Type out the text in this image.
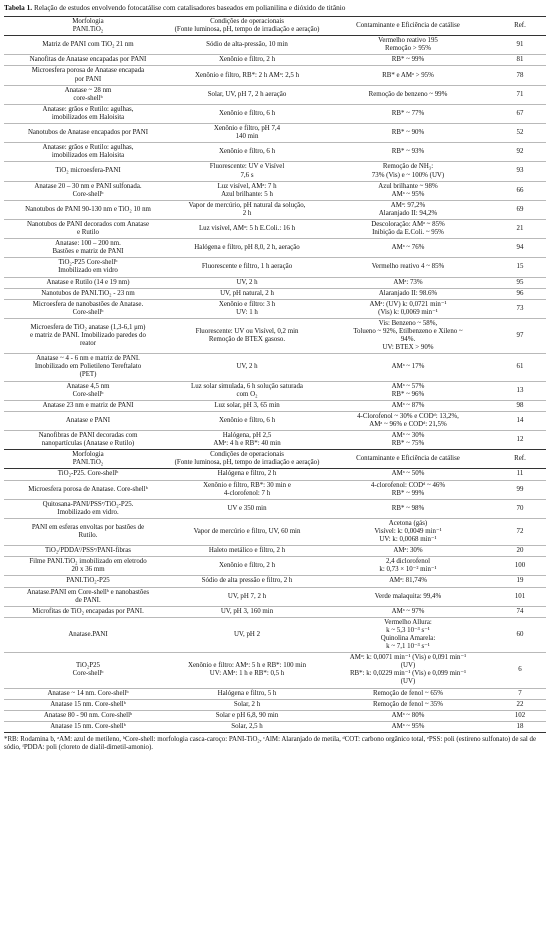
Tabela 1. Relação de estudos envolvendo fotocatálise com catalisadores baseados em polianilina e dióxido de titânio
Morfologia
PANI.TiO₂	Condições de operacionais
(Fonte luminosa, pH, tempo de irradiação e aeração)	Contaminante e Eficiência de catálise	Ref.
Matriz de PANI com TiO₂ 21 nm	Sódio de alta-pressão, 10 min	Vermelho reativo 195
Remoção > 95%	91
Nanofitas de Anatase encapadas por PANI	Xenônio e filtro, 2 h	RB* ~ 99%	81
Microesfera porosa de Anatase encapada
por PANI	Xenônio e filtro, RB*: 2 h AMᵃ: 2,5 h	RB* e AMᵃ > 95%	78
Anatase ~ 28 nm
core-shellᵇ	Solar, UV, pH 7, 2 h aeração	Remoção de benzeno ~ 99%	71
Anatase: grãos e Rutilo: agulhas,
imobilizados em Haloisita	Xenônio e filtro, 6 h	RB* ~ 77%	67
Nanotubos de Anatase encapados por PANI	Xenônio e filtro, pH 7,4
140 min	RB* ~ 90%	52
Anatase: grãos e Rutilo: agulhas,
imobilizados em Haloisita	Xenônio e filtro, 6 h	RB* ~ 93%	92
TiO₂ microesfera-PANI	Fluorescente: UV e Visível
7,6 s	Remoção de NH₃:
73% (Vis) e ~ 100% (UV)	93
Anatase 20 – 30 nm e PANI sulfonada.
Core-shellᵇ	Luz visível, AMᵃ: 7 h
Azul brilhante: 5 h	Azul brilhante ~ 98%
AMᵃ ~ 95%	66
Nanotubos de PANI 90-130 nm e TiO₂ 10 nm	Vapor de mercúrio, pH natural da solução,
2 h	AMᵃ: 97,2%
Alaranjado II: 94,2%	69
Nanotubos de PANI decorados com Anatase
e Rutilo	Luz visível, AMᵃ: 5 h E.Coli.: 16 h	Descoloração: AMᵃ ~ 85%
Inibição da E.Coli. ~ 95%	21
Anatase: 100 – 200 nm.
Bastões e matriz de PANI	Halógena e filtro, pH 8,0, 2 h, aeração	AMᵃ ~ 76%	94
TiO₂-P25 Core-shellᵇ
Imobilizado em vidro	Fluorescente e filtro, 1 h aeração	Vermelho reativo 4 ~ 85%	15
Anatase e Rutilo (14 e 19 nm)	UV, 2 h	AMᵃ: 73%	95
Nanotubos de PANI.TiO₂ - 23 nm	UV, pH natural, 2 h	Alaranjado II: 98.6%	96
Microesfera de nanobastões de Anatase.
Core-shellᵇ	Xenônio e filtro: 3 h
UV: 1 h	AMᵃ: (UV) k: 0,0721 min⁻¹
(Vis) k: 0,0069 min⁻¹	73
Microesfera de TiO₂ anatase (1,3-6,1 μm)
e matriz de PANI. Imobilizado paredes do
reator	Fluorescente: UV ou Visível, 0,2 min
Remoção de BTEX gasoso.	Vis: Benzeno ~ 58%,
Tolueno ~ 92%, Etilbenzeno e Xileno ~
94%.
UV: BTEX > 90%	97
Anatase ~ 4 - 6 nm e matriz de PANI.
Imobilizado em Polietileno Tereftalato
(PET)	UV, 2 h	AMᵃ ~ 17%	61
Anatase 4,5 nm
Core-shellᵇ	Luz solar simulada, 6 h solução saturada
com O₂	AMᵃ ~ 57%
RB* ~ 96%	13
Anatase 23 nm e matriz de PANI	Luz solar, pH 3, 65 min	AMᵃ ~ 87%	98
Anatase e PANI	Xenônio e filtro, 6 h	4-Clorofenol ~ 30% e CODᵈ: 13,2%,
AMᵃ ~ 96% e CODᵈ: 21,5%	14
Nanofibras de PANI decoradas com
nanopartículas (Anatase e Rutilo)	Halógena, pH 2,5
AMᵃ: 4 h e RB*: 40 min	AMᵃ ~ 30%
RB* ~ 75%	12
Morfologia
PANI.TiO₂	Condições de operacionais
(Fonte luminosa, pH, tempo de irradiação e aeração)	Contaminante e Eficiência de catálise	Ref.
TiO₂-P25. Core-shellᵇ	Halógena e filtro, 2 h	AMᵃ ~ 50%	11
Microesfera porosa de Anatase. Core-shellᵇ	Xenônio e filtro, RB*: 30 min e
4-clorofenol: 7 h	4-clorofenol: CODᵈ ~ 46%
RB* ~ 99%	99
Quitosana-PANI/PSSᵉ/TiO₂-P25.
Imobilizado em vidro.	UV e 350 min	RB* ~ 98%	70
PANI em esferas envoltas por bastões de
Rutilo.	Vapor de mercúrio e filtro, UV, 60 min	Acetona (gás)
Visível: k: 0,0049 min⁻¹
UV: k: 0,0068 min⁻¹	72
TiO₂/PDDAᶠ/PSSᵉ/PANI-fibras	Haleto metálico e filtro, 2 h	AMᵃ: 30%	20
Filme PANI.TiO₂ imobilizado em eletrodo
20 x 36 mm	Xenônio e filtro, 2 h	2,4 diclorofenol
k: 0,73 × 10⁻² min⁻¹	100
PANI.TiO₂-P25	Sódio de alta pressão e filtro, 2 h	AMᵃ: 81,74%	19
Anatase.PANI em Core-shellᵇ e nanobastões
de PANI.	UV, pH 7, 2 h	Verde malaquita: 99,4%	101
Microfitas de TiO₂ encapadas por PANI.	UV, pH 3, 160 min	AMᵃ ~ 97%	74
Anatase.PANI	UV, pH 2	Vermelho Allura:
k ~ 5,3 10⁻³ s⁻¹
Quinolina Amarela:
k ~ 7,1 10⁻³ s⁻¹	60
TiO₂P25
Core-shellᵇ	Xenônio e filtro: AMᵃ: 5 h e RB*: 100 min
UV: AMᵃ: 1 h e RB*: 0,5 h	AMᵃ: k: 0,0071 min⁻¹ (Vis) e 0,091 min⁻¹
(UV)
RB*: k: 0,0229 min⁻¹ (Vis) e 0,099 min⁻¹
(UV)	6
Anatase ~ 14 nm. Core-shellᵇ	Halógena e filtro, 5 h	Remoção de fenol ~ 65%	7
Anatase 15 nm. Core-shellᵇ	Solar, 2 h	Remoção de fenol ~ 35%	22
Anatase 80 - 90 nm. Core-shellᵇ	Solar e pH 6,8, 90 min	AMᵃ ~ 80%	102
Anatase 15 nm. Core-shellᵇ	Solar, 2,5 h	AMᵃ ~ 95%	18
*RB: Rodamina b, ᵃAM: azul de metileno, ᵇCore-shell: morfologia casca-caroço: PANI-TiO₂, ᶜAlM: Alaranjado de metila, ᵈCOT: carbono orgânico total, ᵉPSS: poli (estireno sulfonato) de sal de sódio, ᶠPDDA: poli (cloreto de dialil-dimetil-amonio).
